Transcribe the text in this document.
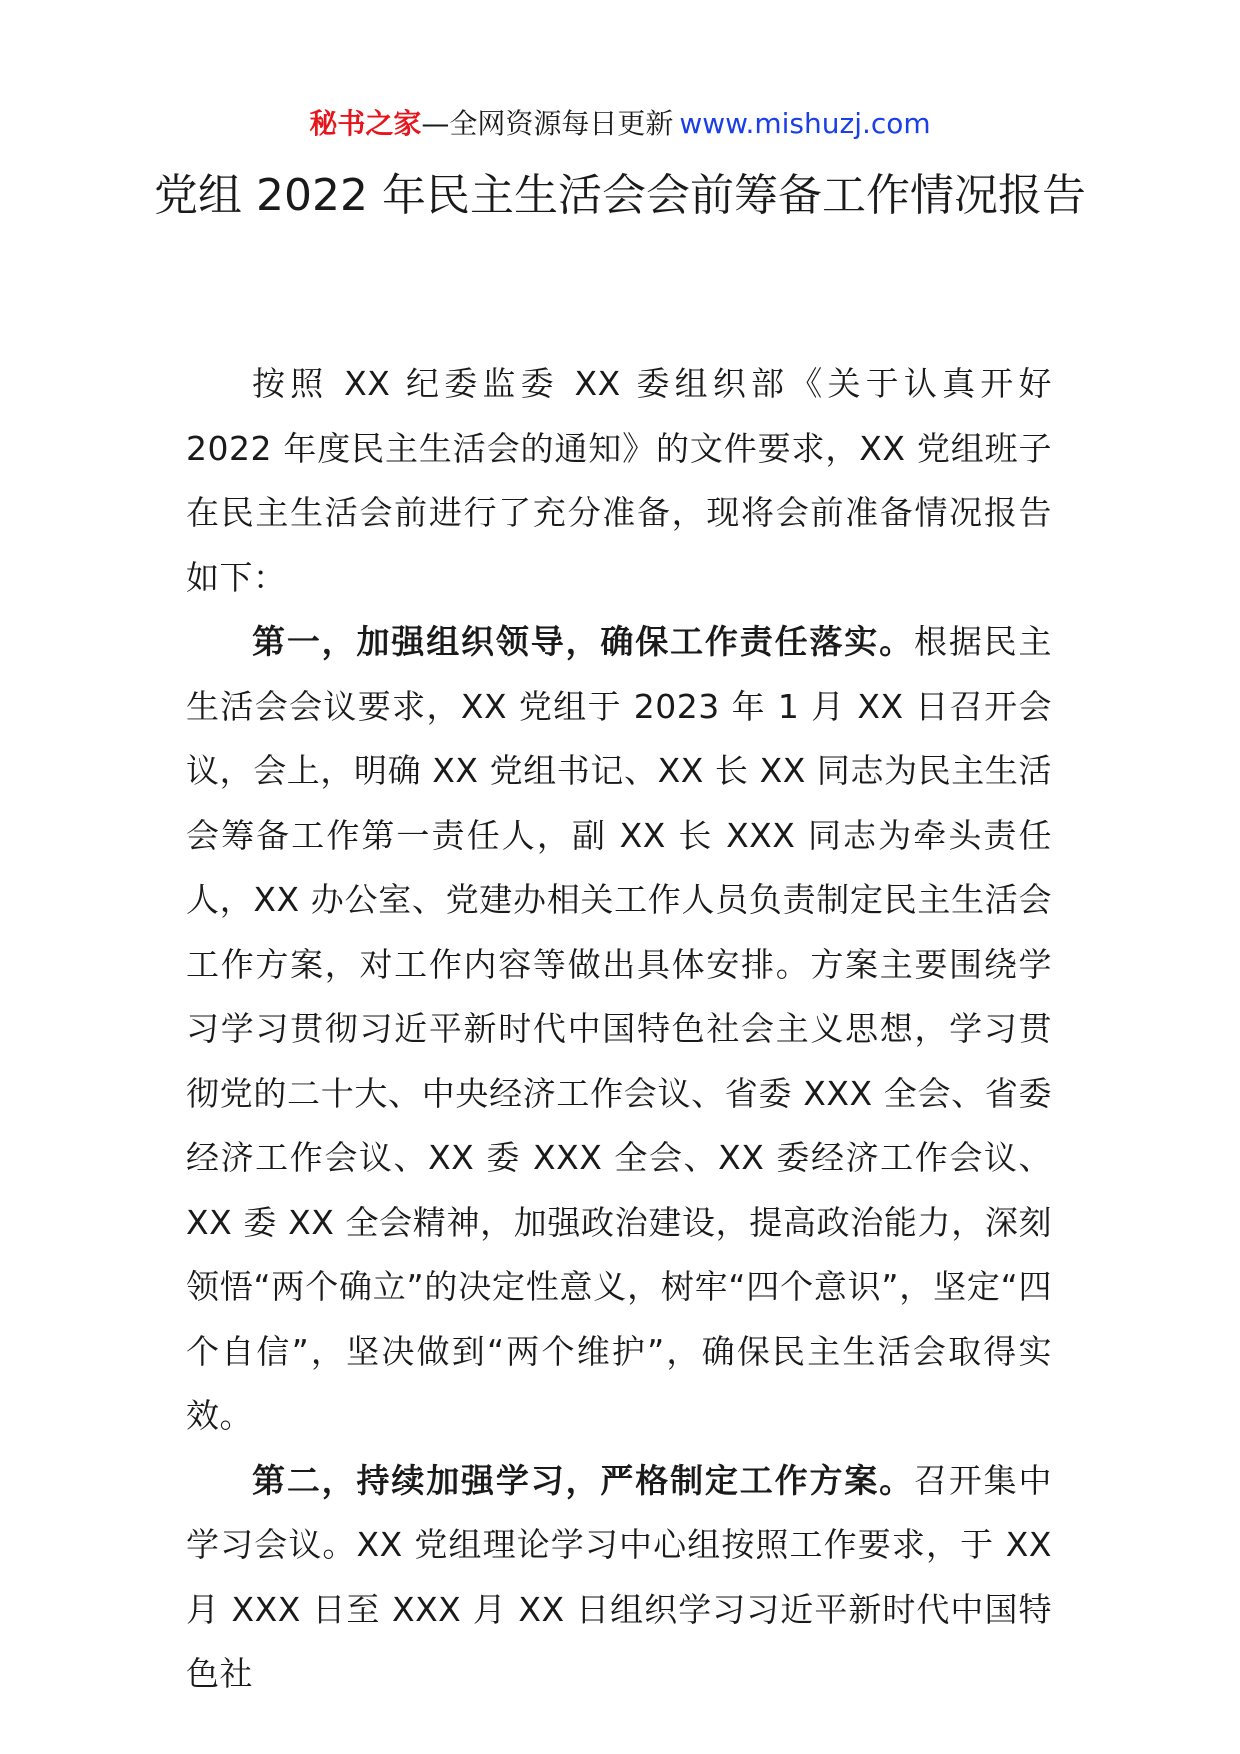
秘书之家—全网资源每日更新 www.mishuzj.com
党组 2022 年民主生活会会前筹备工作情况报告

按照 XX 纪委监委 XX 委组织部《关于认真开好 2022 年度民主生活会的通知》的文件要求，XX 党组班子在民主生活会前进行了充分准备，现将会前准备情况报告如下：

第一，加强组织领导，确保工作责任落实。根据民主生活会会议要求，XX 党组于 2023 年 1 月 XX 日召开会议，会上，明确 XX 党组书记、XX 长 XX 同志为民主生活会筹备工作第一责任人，副 XX 长 XXX 同志为牵头责任人，XX 办公室、党建办相关工作人员负责制定民主生活会工作方案，对工作内容等做出具体安排。方案主要围绕学习学习贯彻习近平新时代中国特色社会主义思想，学习贯彻党的二十大、中央经济工作会议、省委 XXX 全会、省委经济工作会议、XX 委 XXX 全会、XX 委经济工作会议、XX 委 XX 全会精神，加强政治建设，提高政治能力，深刻领悟“两个确立”的决定性意义，树牢“四个意识”，坚定“四个自信”，坚决做到“两个维护”，确保民主生活会取得实效。

第二，持续加强学习，严格制定工作方案。召开集中学习会议。XX 党组理论学习中心组按照工作要求，于 XX 月 XXX 日至 XXX 月 XX 日组织学习习近平新时代中国特色社
